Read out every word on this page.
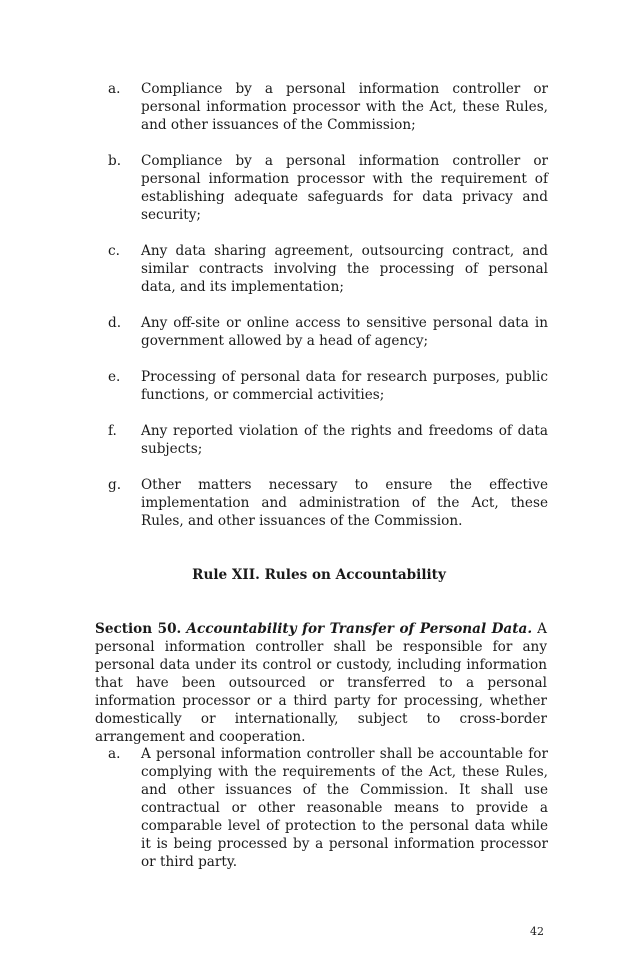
a. Compliance by a personal information controller or personal information processor with the Act, these Rules, and other issuances of the Commission;
b. Compliance by a personal information controller or personal information processor with the requirement of establishing adequate safeguards for data privacy and security;
c. Any data sharing agreement, outsourcing contract, and similar contracts involving the processing of personal data, and its implementation;
d. Any off-site or online access to sensitive personal data in government allowed by a head of agency;
e. Processing of personal data for research purposes, public functions, or commercial activities;
f. Any reported violation of the rights and freedoms of data subjects;
g. Other matters necessary to ensure the effective implementation and administration of the Act, these Rules, and other issuances of the Commission.
Rule XII. Rules on Accountability

Section 50. Accountability for Transfer of Personal Data. A personal information controller shall be responsible for any personal data under its control or custody, including information that have been outsourced or transferred to a personal information processor or a third party for processing, whether domestically or internationally, subject to cross-border arrangement and cooperation.

a. A personal information controller shall be accountable for complying with the requirements of the Act, these Rules, and other issuances of the Commission. It shall use contractual or other reasonable means to provide a comparable level of protection to the personal data while it is being processed by a personal information processor or third party.
42
